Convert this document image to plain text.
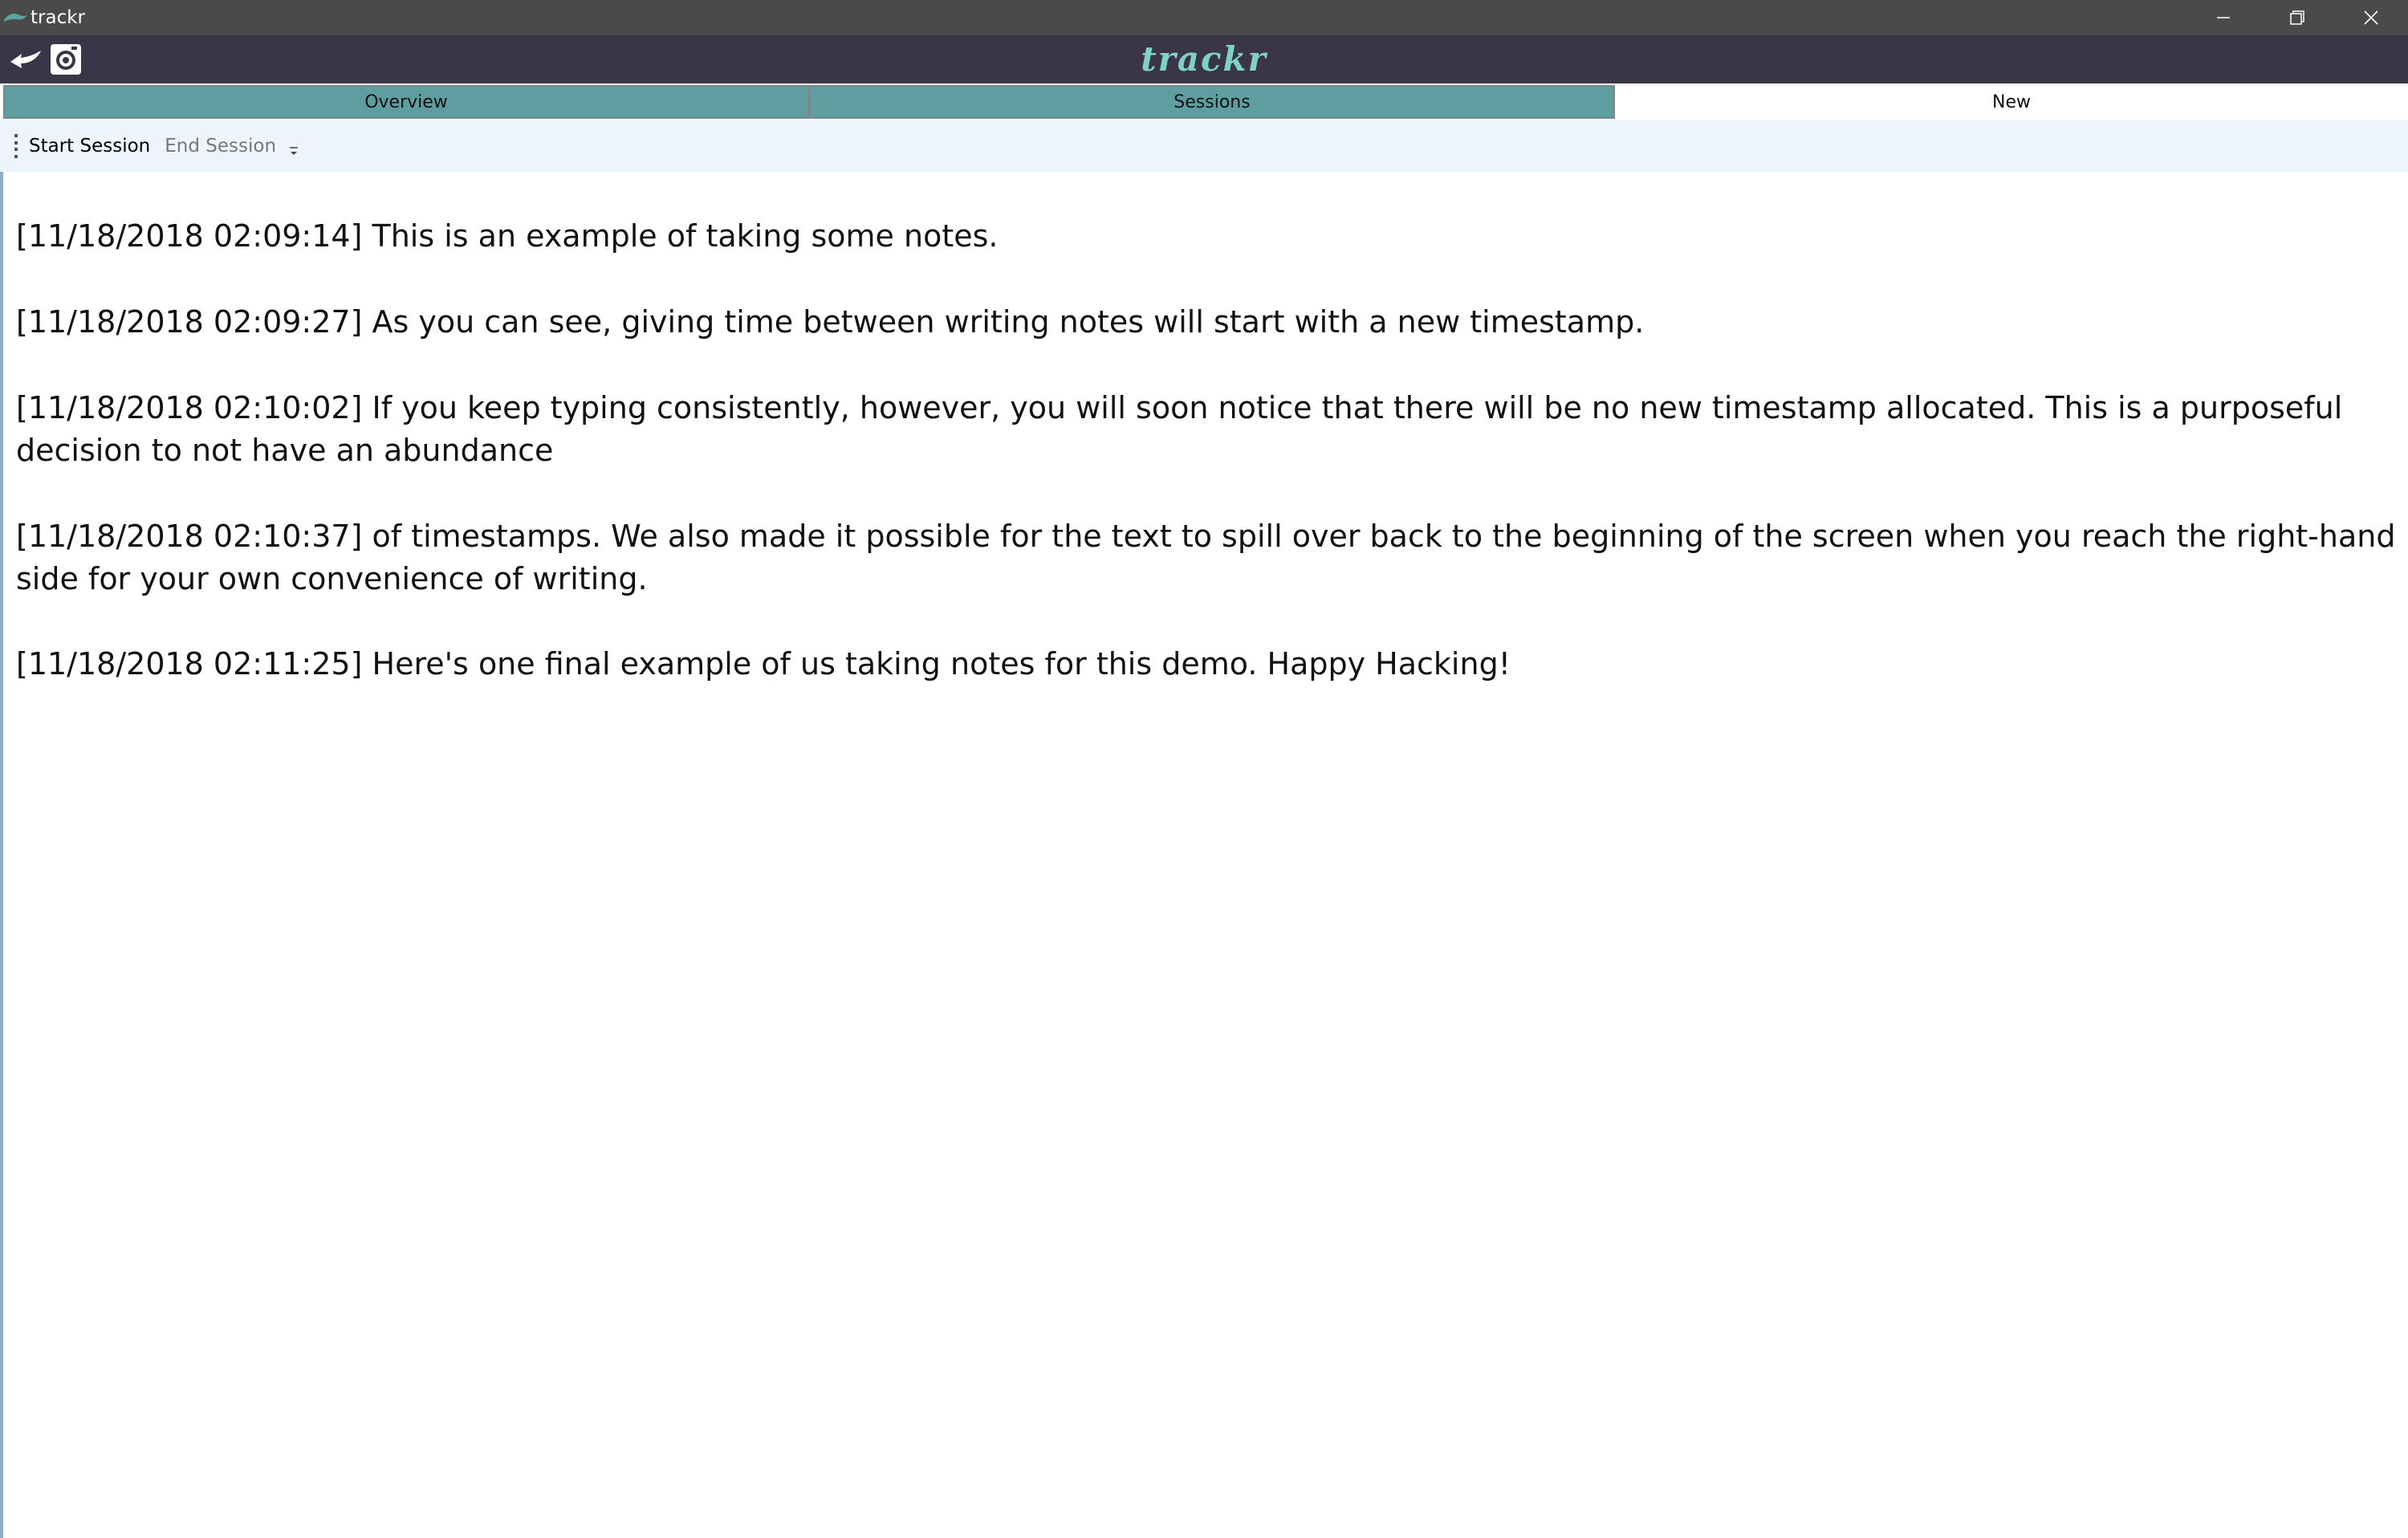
trackr
trackr
Overview	Sessions	New
Start Session End Session
[11/18/2018 02:09:14] This is an example of taking some notes.
[11/18/2018 02:09:27] As you can see, giving time between writing notes will start with a new timestamp.
[11/18/2018 02:10:02] If you keep typing consistently, however, you will soon notice that there will be no new timestamp allocated. This is a purposeful decision to not have an abundance
[11/18/2018 02:10:37] of timestamps. We also made it possible for the text to spill over back to the beginning of the screen when you reach the right-hand side for your own convenience of writing.
[11/18/2018 02:11:25] Here's one final example of us taking notes for this demo. Happy Hacking!
